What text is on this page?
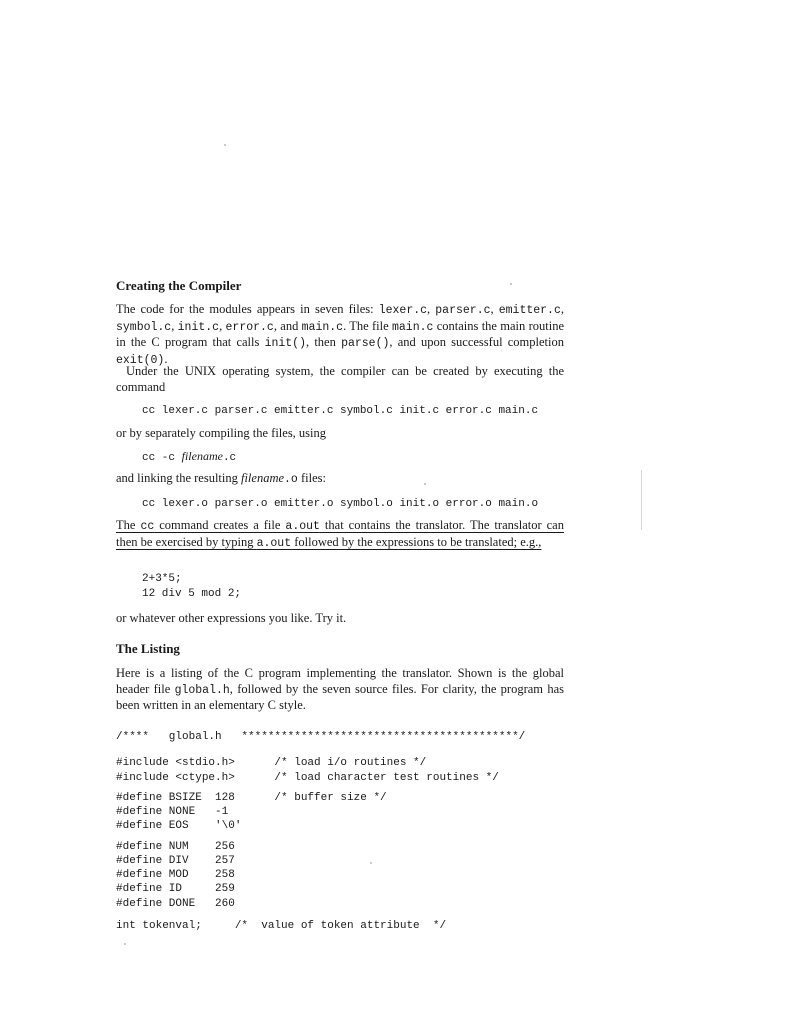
Creating the Compiler

The code for the modules appears in seven files: lexer.c, parser.c, emitter.c, symbol.c, init.c, error.c, and main.c. The file main.c contains the main routine in the C program that calls init(), then parse(), and upon successful completion exit(0).

Under the UNIX operating system, the compiler can be created by executing the command

cc lexer.c parser.c emitter.c symbol.c init.c error.c main.c

or by separately compiling the files, using

cc -c filename.c

and linking the resulting filename.o files:

cc lexer.o parser.o emitter.o symbol.o init.o error.o main.o

The cc command creates a file a.out that contains the translator. The translator can then be exercised by typing a.out followed by the expressions to be translated; e.g.,

2+3*5;
12 div 5 mod 2;

or whatever other expressions you like. Try it.

The Listing

Here is a listing of the C program implementing the translator. Shown is the global header file global.h, followed by the seven source files. For clarity, the program has been written in an elementary C style.

/****   global.h   ******************************************/
#include <stdio.h>      /* load i/o routines */
#include <ctype.h>      /* load character test routines */
#define BSIZE  128      /* buffer size */
#define NONE   -1
#define EOS    '\0'
#define NUM    256
#define DIV    257
#define MOD    258
#define ID     259
#define DONE   260
int tokenval;     /*  value of token attribute  */
